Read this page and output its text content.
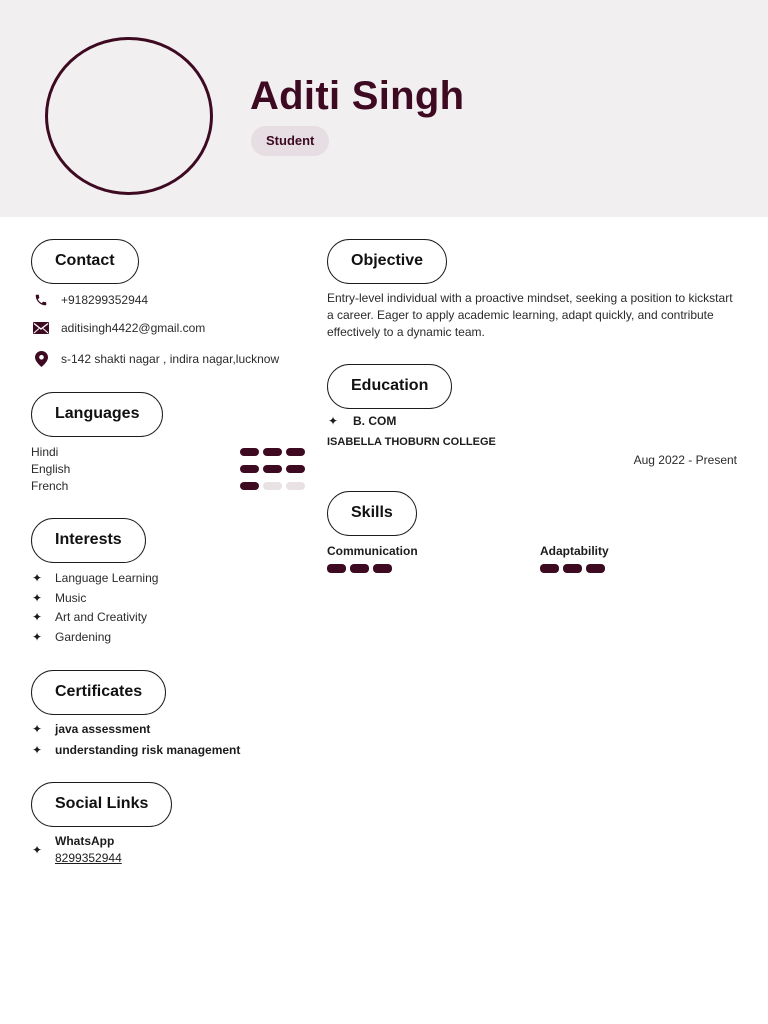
Aditi Singh
Student
Contact
+918299352944
aditisingh4422@gmail.com
s-142 shakti nagar , indira nagar,lucknow
Languages
Hindi
English
French
Interests
✦ Language Learning
✦ Music
✦ Art and Creativity
✦ Gardening
Certificates
✦ java assessment
✦ understanding risk management
Social Links
✦
WhatsApp
8299352944
Objective
Entry-level individual with a proactive mindset, seeking a position to kickstart a career. Eager to apply academic learning, adapt quickly, and contribute effectively to a dynamic team.
Education
✦ B. COM
ISABELLA THOBURN COLLEGE
Aug 2022 - Present
Skills
Communication	Adaptability
